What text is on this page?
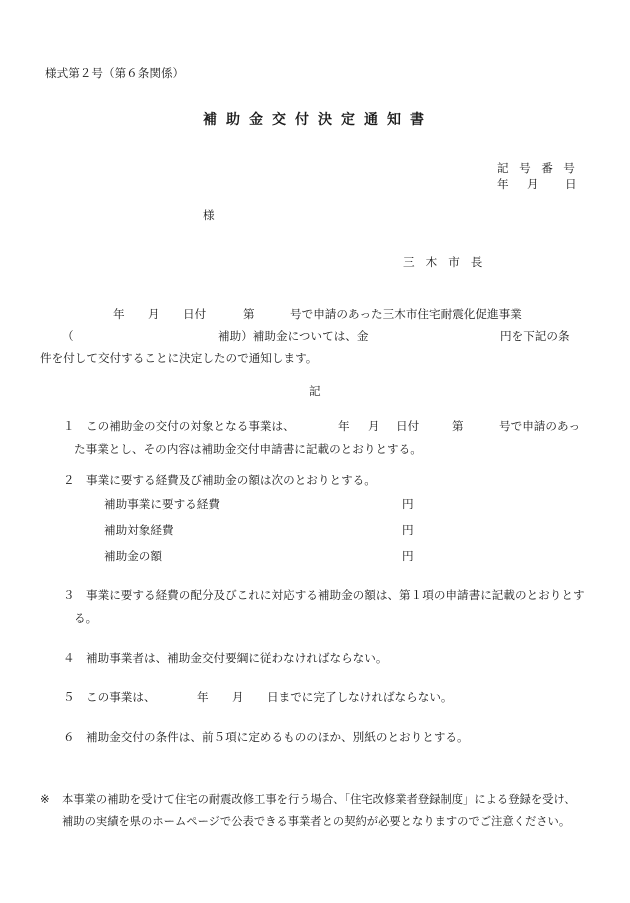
様式第２号（第６条関係）
補助金交付決定通知書
記号番号
年 月 日
様
三木市長
年 月 日付	第	号で申請のあった三木市住宅耐震化促進事業
（	補助）補助金については、金	円を下記の条
件を付して交付することに決定したので通知します。
記
１ この補助金の交付の対象となる事業は、	年 月 日付	第	号で申請のあっ
た事業とし、その内容は補助金交付申請書に記載のとおりとする。
２ 事業に要する経費及び補助金の額は次のとおりとする。
補助事業に要する経費	円
補助対象経費	円
補助金の額	円
３ 事業に要する経費の配分及びこれに対応する補助金の額は、第１項の申請書に記載のとおりとす
る。
４ 補助事業者は、補助金交付要綱に従わなければならない。
５ この事業は、	年 月 日までに完了しなければならない。
６ 補助金交付の条件は、前５項に定めるもののほか、別紙のとおりとする。
※ 本事業の補助を受けて住宅の耐震改修工事を行う場合、「住宅改修業者登録制度」による登録を受け、
補助の実績を県のホームページで公表できる事業者との契約が必要となりますのでご注意ください。
